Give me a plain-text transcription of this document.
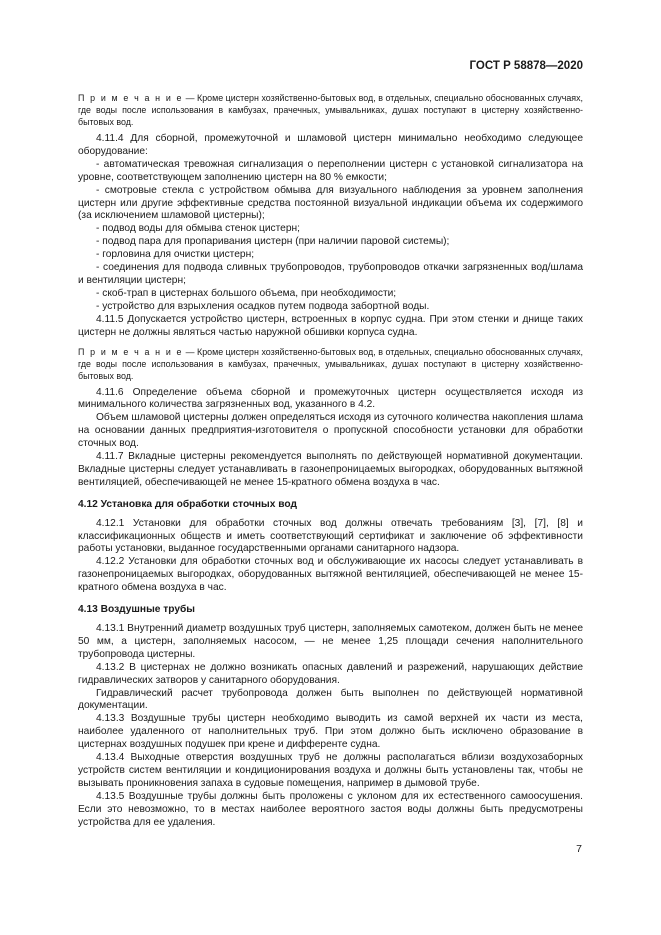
ГОСТ Р 58878—2020

П р и м е ч а н и е — Кроме цистерн хозяйственно-бытовых вод, в отдельных, специально обоснованных случаях, где воды после использования в камбузах, прачечных, умывальниках, душах поступают в цистерну хозяйственно-бытовых вод.

4.11.4 Для сборной, промежуточной и шламовой цистерн минимально необходимо следующее оборудование:

- автоматическая тревожная сигнализация о переполнении цистерн с установкой сигнализатора на уровне, соответствующем заполнению цистерн на 80 % емкости;

- смотровые стекла с устройством обмыва для визуального наблюдения за уровнем заполнения цистерн или другие эффективные средства постоянной визуальной индикации объема их содержимого (за исключением шламовой цистерны);

- подвод воды для обмыва стенок цистерн;

- подвод пара для пропаривания цистерн (при наличии паровой системы);

- горловина для очистки цистерн;

- соединения для подвода сливных трубопроводов, трубопроводов откачки загрязненных вод/шлама и вентиляции цистерн;

- скоб-трап в цистернах большого объема, при необходимости;

- устройство для взрыхления осадков путем подвода забортной воды.

4.11.5 Допускается устройство цистерн, встроенных в корпус судна. При этом стенки и днище таких цистерн не должны являться частью наружной обшивки корпуса судна.

П р и м е ч а н и е — Кроме цистерн хозяйственно-бытовых вод, в отдельных, специально обоснованных случаях, где воды после использования в камбузах, прачечных, умывальниках, душах поступают в цистерну хозяйственно-бытовых вод.

4.11.6 Определение объема сборной и промежуточных цистерн осуществляется исходя из минимального количества загрязненных вод, указанного в 4.2.

Объем шламовой цистерны должен определяться исходя из суточного количества накопления шлама на основании данных предприятия-изготовителя о пропускной способности установки для обработки сточных вод.

4.11.7 Вкладные цистерны рекомендуется выполнять по действующей нормативной документации. Вкладные цистерны следует устанавливать в газонепроницаемых выгородках, оборудованных вытяжной вентиляцией, обеспечивающей не менее 15-кратного обмена воздуха в час.

4.12 Установка для обработки сточных вод

4.12.1 Установки для обработки сточных вод должны отвечать требованиям [3], [7], [8] и классификационных обществ и иметь соответствующий сертификат и заключение об эффективности работы установки, выданное государственными органами санитарного надзора.

4.12.2 Установки для обработки сточных вод и обслуживающие их насосы следует устанавливать в газонепроницаемых выгородках, оборудованных вытяжной вентиляцией, обеспечивающей не менее 15-кратного обмена воздуха в час.

4.13 Воздушные трубы

4.13.1 Внутренний диаметр воздушных труб цистерн, заполняемых самотеком, должен быть не менее 50 мм, а цистерн, заполняемых насосом, — не менее 1,25 площади сечения наполнительного трубопровода цистерны.

4.13.2 В цистернах не должно возникать опасных давлений и разрежений, нарушающих действие гидравлических затворов у санитарного оборудования.

Гидравлический расчет трубопровода должен быть выполнен по действующей нормативной документации.

4.13.3 Воздушные трубы цистерн необходимо выводить из самой верхней их части из места, наиболее удаленного от наполнительных труб. При этом должно быть исключено образование в цистернах воздушных подушек при крене и дифференте судна.

4.13.4 Выходные отверстия воздушных труб не должны располагаться вблизи воздухозаборных устройств систем вентиляции и кондиционирования воздуха и должны быть установлены так, чтобы не вызывать проникновения запаха в судовые помещения, например в дымовой трубе.

4.13.5 Воздушные трубы должны быть проложены с уклоном для их естественного самоосушения. Если это невозможно, то в местах наиболее вероятного застоя воды должны быть предусмотрены устройства для ее удаления.

7
